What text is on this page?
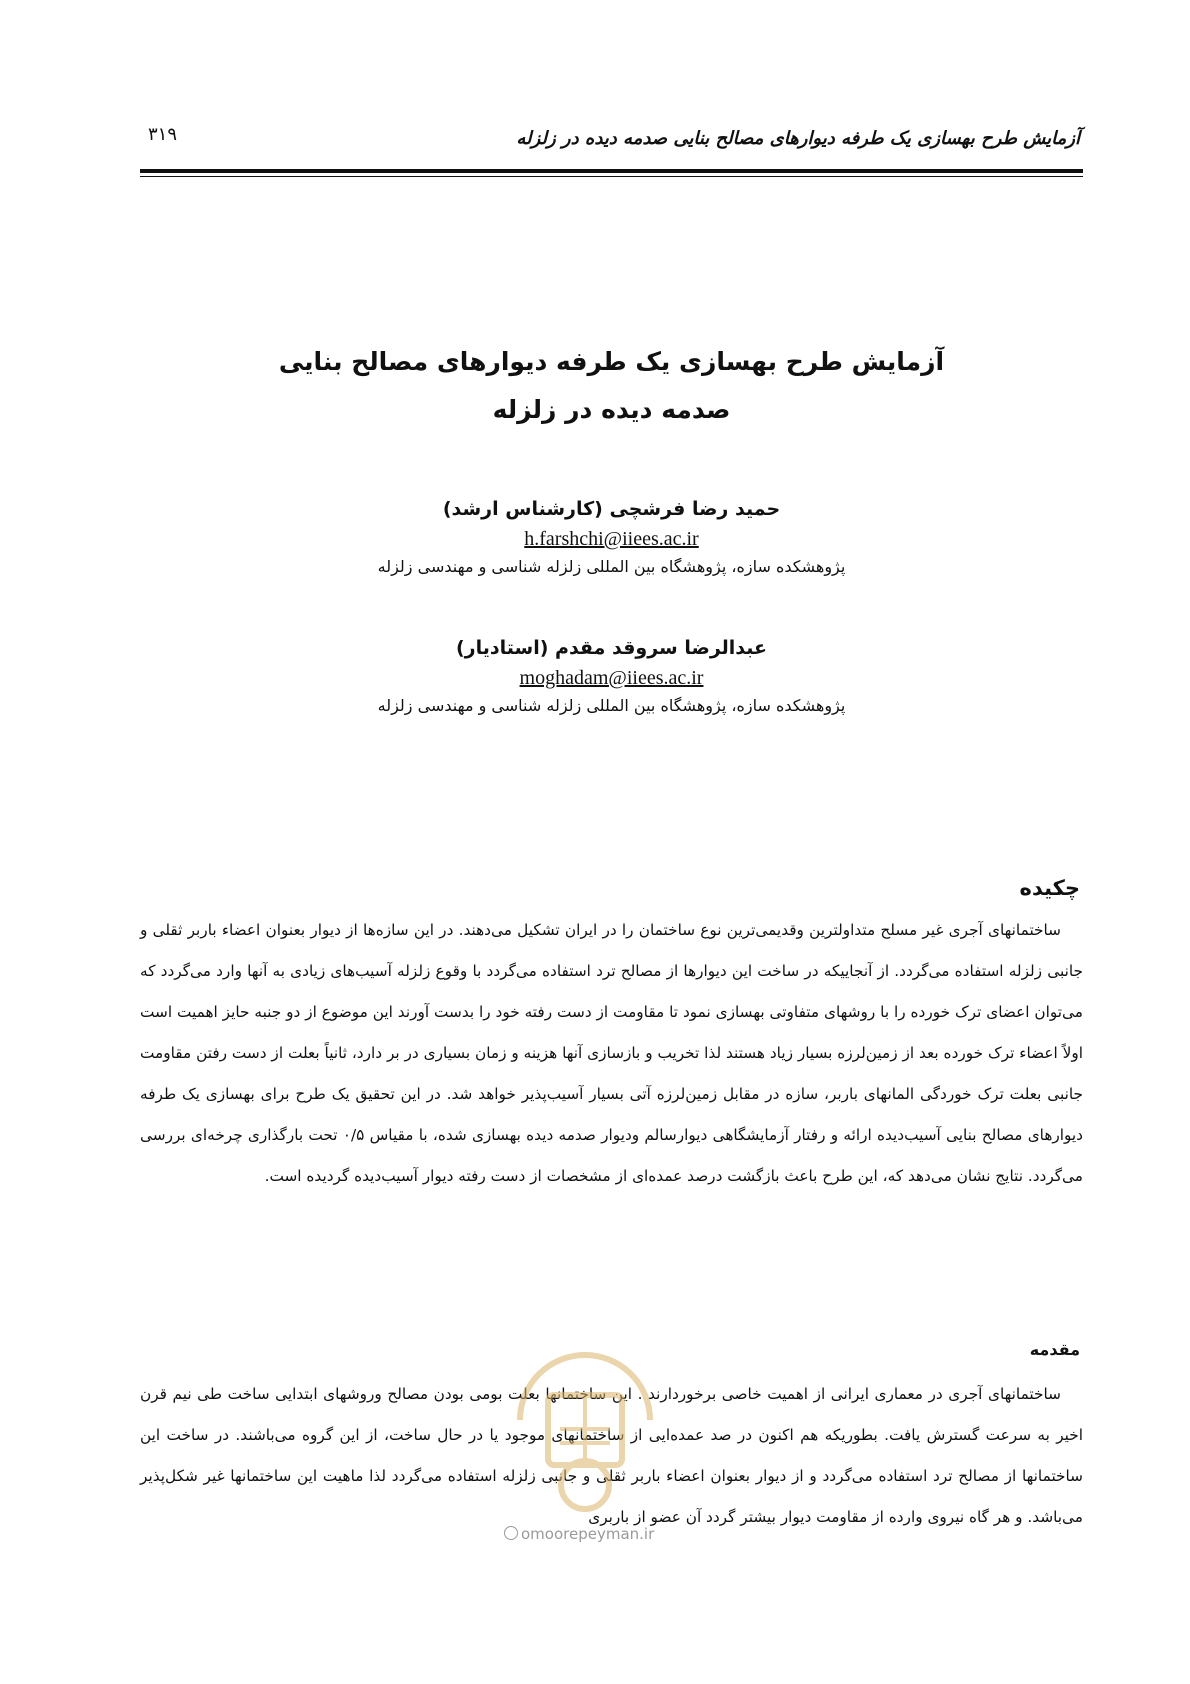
آزمایش طرح بهسازی یک طرفه دیوارهای مصالح بنایی صدمه دیده در زلزله
۳۱۹
آزمایش طرح بهسازی یک طرفه دیوارهای مصالح بنایی
صدمه دیده در زلزله
حمید رضا فرشچی (کارشناس ارشد)
h.farshchi@iiees.ac.ir
پژوهشکده سازه، پژوهشگاه بین المللی زلزله شناسی و مهندسی زلزله
عبدالرضا سروقد مقدم (استادیار)
moghadam@iiees.ac.ir
پژوهشکده سازه، پژوهشگاه بین المللی زلزله شناسی و مهندسی زلزله
چکیده

ساختمانهای آجری غیر مسلح متداولترین وقدیمی‌ترین نوع ساختمان را در ایران تشکیل می‌دهند. در این سازه‌ها از دیوار بعنوان اعضاء باربر ثقلی و جانبی زلزله استفاده می‌گردد. از آنجاییکه در ساخت این دیوارها از مصالح ترد استفاده می‌گردد با وقوع زلزله آسیب‌های زیادی به آنها وارد می‌گردد که می‌توان اعضای ترک خورده را با روشهای متفاوتی بهسازی نمود تا مقاومت از دست رفته خود را بدست آورند این موضوع از دو جنبه حایز اهمیت است اولاً اعضاء ترک خورده بعد از زمین‌لرزه بسیار زیاد هستند لذا تخریب و بازسازی آنها هزینه و زمان بسیاری در بر دارد، ثانیاً بعلت از دست رفتن مقاومت جانبی بعلت ترک خوردگی المانهای باربر، سازه در مقابل زمین‌لرزه آتی بسیار آسیب‌پذیر خواهد شد. در این تحقیق یک طرح برای بهسازی یک طرفه دیوارهای مصالح بنایی آسیب‌دیده ارائه و رفتار آزمایشگاهی دیوارسالم ودیوار صدمه دیده بهسازی شده، با مقیاس ۰/۵ تحت بارگذاری چرخه‌ای بررسی می‌گردد. نتایج نشان می‌دهد که، این طرح باعث بازگشت درصد عمده‌ای از مشخصات از دست رفته دیوار آسیب‌دیده گردیده است.

مقدمه

ساختمانهای آجری در معماری ایرانی از اهمیت خاصی برخوردارند . این ساختمانها بعلت بومی بودن مصالح وروشهای ابتدایی ساخت طی نیم قرن اخیر به سرعت گسترش یافت. بطوریکه هم اکنون در صد عمده‌ایی از ساختمانهای موجود یا در حال ساخت، از این گروه می‌باشند. در ساخت این ساختمانها از مصالح ترد استفاده می‌گردد و از دیوار بعنوان اعضاء باربر ثقلی و جانبی زلزله استفاده می‌گردد لذا ماهیت این ساختمانها غیر شکل‌پذیر می‌باشد. و هر گاه نیروی وارده از مقاومت دیوار بیشتر گردد آن عضو از باربری

omoorepeyman.ir
